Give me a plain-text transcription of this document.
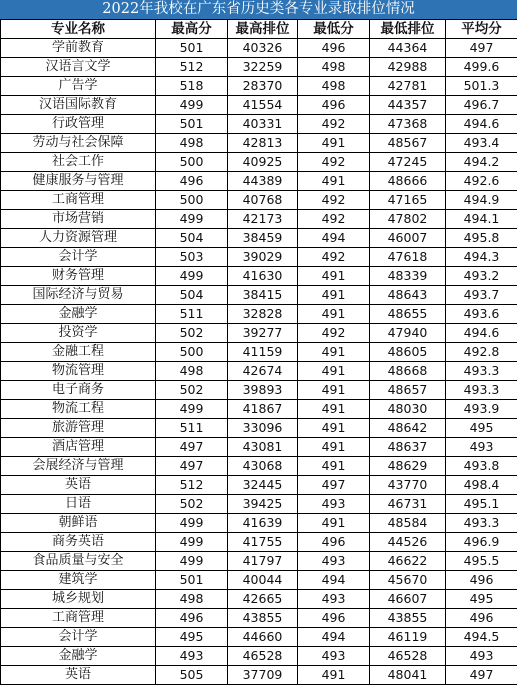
2022年我校在广东省历史类各专业录取排位情况
专业名称	最高分	最高排位	最低分	最低排位	平均分
学前教育	501	40326	496	44364	497
汉语言文学	512	32259	498	42988	499.6
广告学	518	28370	498	42781	501.3
汉语国际教育	499	41554	496	44357	496.7
行政管理	501	40331	492	47368	494.6
劳动与社会保障	498	42813	491	48567	493.4
社会工作	500	40925	492	47245	494.2
健康服务与管理	496	44389	491	48666	492.6
工商管理	500	40768	492	47165	494.9
市场营销	499	42173	492	47802	494.1
人力资源管理	504	38459	494	46007	495.8
会计学	503	39029	492	47618	494.3
财务管理	499	41630	491	48339	493.2
国际经济与贸易	504	38415	491	48643	493.7
金融学	511	32828	491	48655	493.6
投资学	502	39277	492	47940	494.6
金融工程	500	41159	491	48605	492.8
物流管理	498	42674	491	48668	493.3
电子商务	502	39893	491	48657	493.3
物流工程	499	41867	491	48030	493.9
旅游管理	511	33096	491	48642	495
酒店管理	497	43081	491	48637	493
会展经济与管理	497	43068	491	48629	493.8
英语	512	32445	497	43770	498.4
日语	502	39425	493	46731	495.1
朝鲜语	499	41639	491	48584	493.3
商务英语	499	41755	496	44526	496.9
食品质量与安全	499	41797	493	46622	495.5
建筑学	501	40044	494	45670	496
城乡规划	498	42665	493	46607	495
工商管理	496	43855	496	43855	496
会计学	495	44660	494	46119	494.5
金融学	493	46528	493	46528	493
英语	505	37709	491	48041	497
